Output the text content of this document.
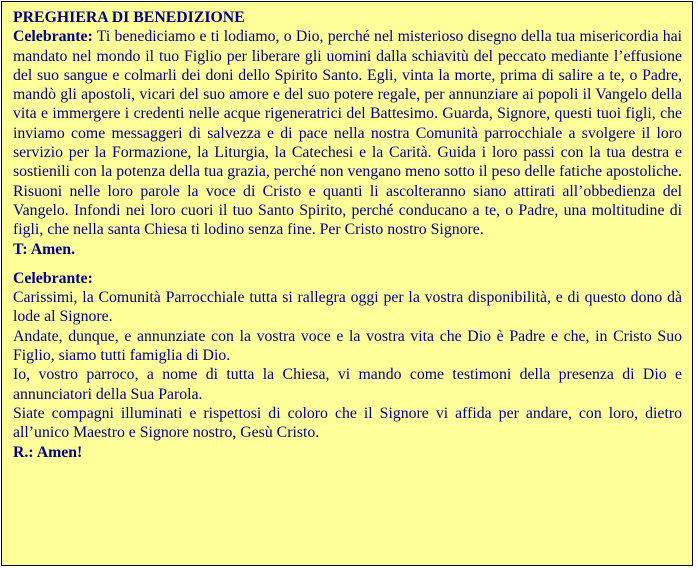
PREGHIERA DI BENEDIZIONE

Celebrante: Ti benediciamo e ti lodiamo, o Dio, perché nel misterioso disegno della tua misericordia hai mandato nel mondo il tuo Figlio per liberare gli uomini dalla schiavitù del peccato mediante l’effusione del suo sangue e colmarli dei doni dello Spirito Santo. Egli, vinta la morte, prima di salire a te, o Padre, mandò gli apostoli, vicari del suo amore e del suo potere regale, per annunziare ai popoli il Vangelo della vita e immergere i credenti nelle acque rigeneratrici del Battesimo. Guarda, Signore, questi tuoi figli, che inviamo come messaggeri di salvezza e di pace nella nostra Comunità parrocchiale a svolgere il loro servizio per la Formazione, la Liturgia, la Catechesi e la Carità. Guida i loro passi con la tua destra e sostienili con la potenza della tua grazia, perché non vengano meno sotto il peso delle fatiche apostoliche. Risuoni nelle loro parole la voce di Cristo e quanti li ascolteranno siano attirati all’obbedienza del Vangelo. Infondi nei loro cuori il tuo Santo Spirito, perché conducano a te, o Padre, una moltitudine di figli, che nella santa Chiesa ti lodino senza fine. Per Cristo nostro Signore.

T: Amen.

Celebrante:

Carissimi, la Comunità Parrocchiale tutta si rallegra oggi per la vostra disponibilità, e di questo dono dà lode al Signore.

Andate, dunque, e annunziate con la vostra voce e la vostra vita che Dio è Padre e che, in Cristo Suo Figlio, siamo tutti famiglia di Dio.

Io, vostro parroco, a nome di tutta la Chiesa, vi mando come testimoni della presenza di Dio e annunciatori della Sua Parola.

Siate compagni illuminati e rispettosi di coloro che il Signore vi affida per andare, con loro, dietro all’unico Maestro e Signore nostro, Gesù Cristo.

R.: Amen!
